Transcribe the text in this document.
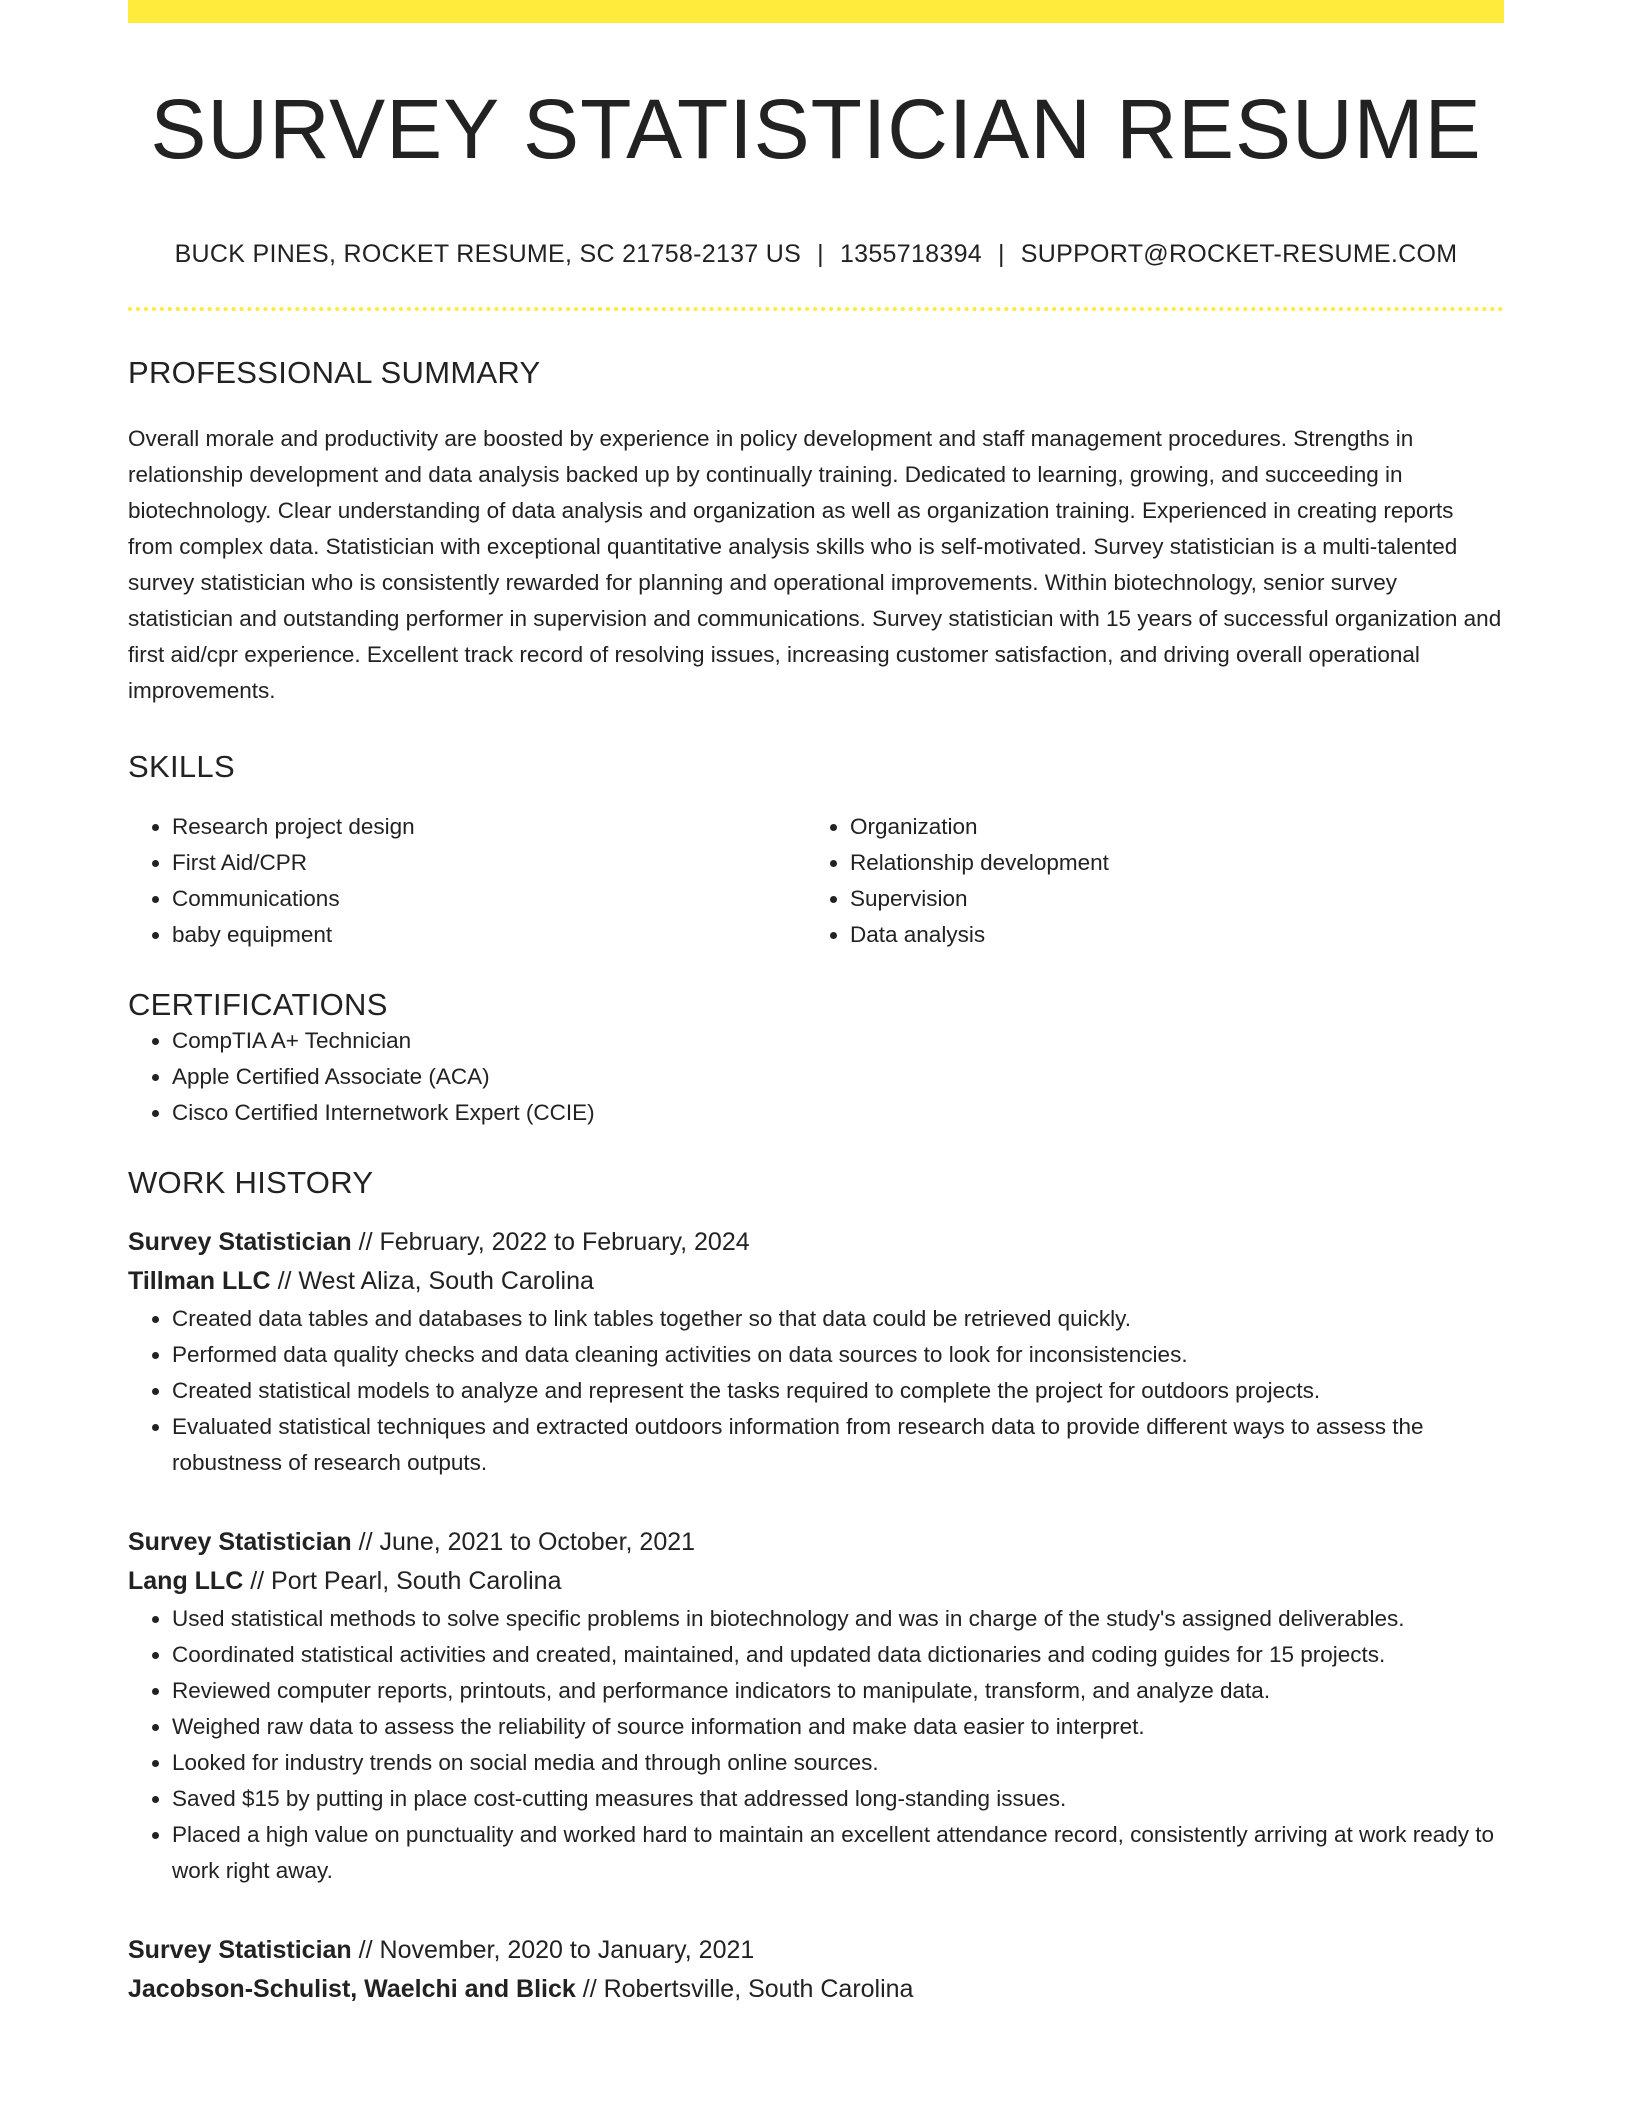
SURVEY STATISTICIAN RESUME
BUCK PINES, ROCKET RESUME, SC 21758-2137 US | 1355718394 | SUPPORT@ROCKET-RESUME.COM
PROFESSIONAL SUMMARY

Overall morale and productivity are boosted by experience in policy development and staff management procedures. Strengths in relationship development and data analysis backed up by continually training. Dedicated to learning, growing, and succeeding in biotechnology. Clear understanding of data analysis and organization as well as organization training. Experienced in creating reports from complex data. Statistician with exceptional quantitative analysis skills who is self-motivated. Survey statistician is a multi-talented survey statistician who is consistently rewarded for planning and operational improvements. Within biotechnology, senior survey statistician and outstanding performer in supervision and communications. Survey statistician with 15 years of successful organization and first aid/cpr experience. Excellent track record of resolving issues, increasing customer satisfaction, and driving overall operational improvements.

SKILLS
• Research project design
• First Aid/CPR
• Communications
• baby equipment
• Organization
• Relationship development
• Supervision
• Data analysis
CERTIFICATIONS
• CompTIA A+ Technician
• Apple Certified Associate (ACA)
• Cisco Certified Internetwork Expert (CCIE)
WORK HISTORY
Survey Statistician // February, 2022 to February, 2024
Tillman LLC // West Aliza, South Carolina
• Created data tables and databases to link tables together so that data could be retrieved quickly.
• Performed data quality checks and data cleaning activities on data sources to look for inconsistencies.
• Created statistical models to analyze and represent the tasks required to complete the project for outdoors projects.
• Evaluated statistical techniques and extracted outdoors information from research data to provide different ways to assess the robustness of research outputs.
Survey Statistician // June, 2021 to October, 2021
Lang LLC // Port Pearl, South Carolina
• Used statistical methods to solve specific problems in biotechnology and was in charge of the study's assigned deliverables.
• Coordinated statistical activities and created, maintained, and updated data dictionaries and coding guides for 15 projects.
• Reviewed computer reports, printouts, and performance indicators to manipulate, transform, and analyze data.
• Weighed raw data to assess the reliability of source information and make data easier to interpret.
• Looked for industry trends on social media and through online sources.
• Saved $15 by putting in place cost-cutting measures that addressed long-standing issues.
• Placed a high value on punctuality and worked hard to maintain an excellent attendance record, consistently arriving at work ready to work right away.
Survey Statistician // November, 2020 to January, 2021
Jacobson-Schulist, Waelchi and Blick // Robertsville, South Carolina
